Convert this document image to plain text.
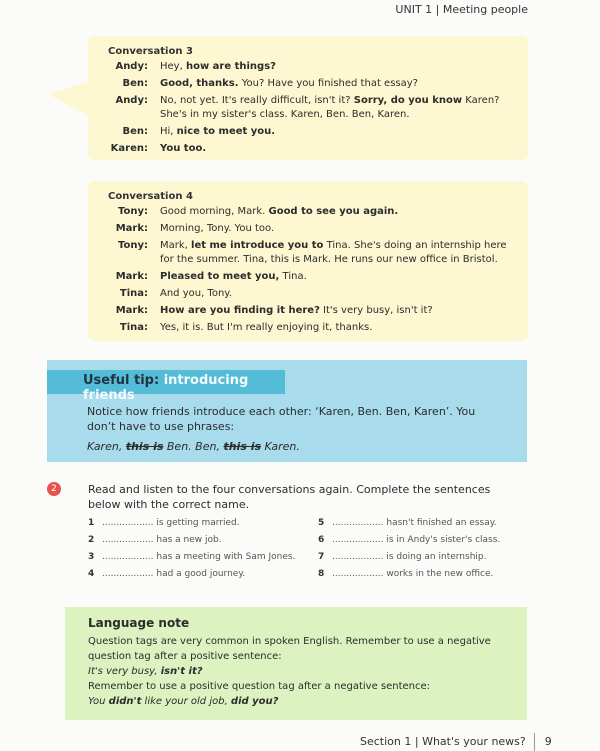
UNIT 1 | Meeting people
Conversation 3
Andy: Hey, how are things?
Ben: Good, thanks. You? Have you finished that essay?
Andy: No, not yet. It's really difficult, isn't it? Sorry, do you know Karen? She's in my sister's class. Karen, Ben. Ben, Karen.
Ben: Hi, nice to meet you.
Karen: You too.
Conversation 4
Tony: Good morning, Mark. Good to see you again.
Mark: Morning, Tony. You too.
Tony: Mark, let me introduce you to Tina. She's doing an internship here for the summer. Tina, this is Mark. He runs our new office in Bristol.
Mark: Pleased to meet you, Tina.
Tina: And you, Tony.
Mark: How are you finding it here? It's very busy, isn't it?
Tina: Yes, it is. But I'm really enjoying it, thanks.
Useful tip: introducing friends
Notice how friends introduce each other: ‘Karen, Ben. Ben, Karen’. You don’t have to use phrases:
Karen, this is Ben. Ben, this is Karen.
2	Read and listen to the four conversations again. Complete the sentences below with the correct name.
1 .................. is getting married.	5 .................. hasn't finished an essay.
2 .................. has a new job.	6 .................. is in Andy's sister's class.
3 .................. has a meeting with Sam Jones.	7 .................. is doing an internship.
4 .................. had a good journey.	8 .................. works in the new office.
Language note
Question tags are very common in spoken English. Remember to use a negative question tag after a positive sentence:
It's very busy, isn't it?
Remember to use a positive question tag after a negative sentence:
You didn't like your old job, did you?
Section 1 | What's your news? 9
